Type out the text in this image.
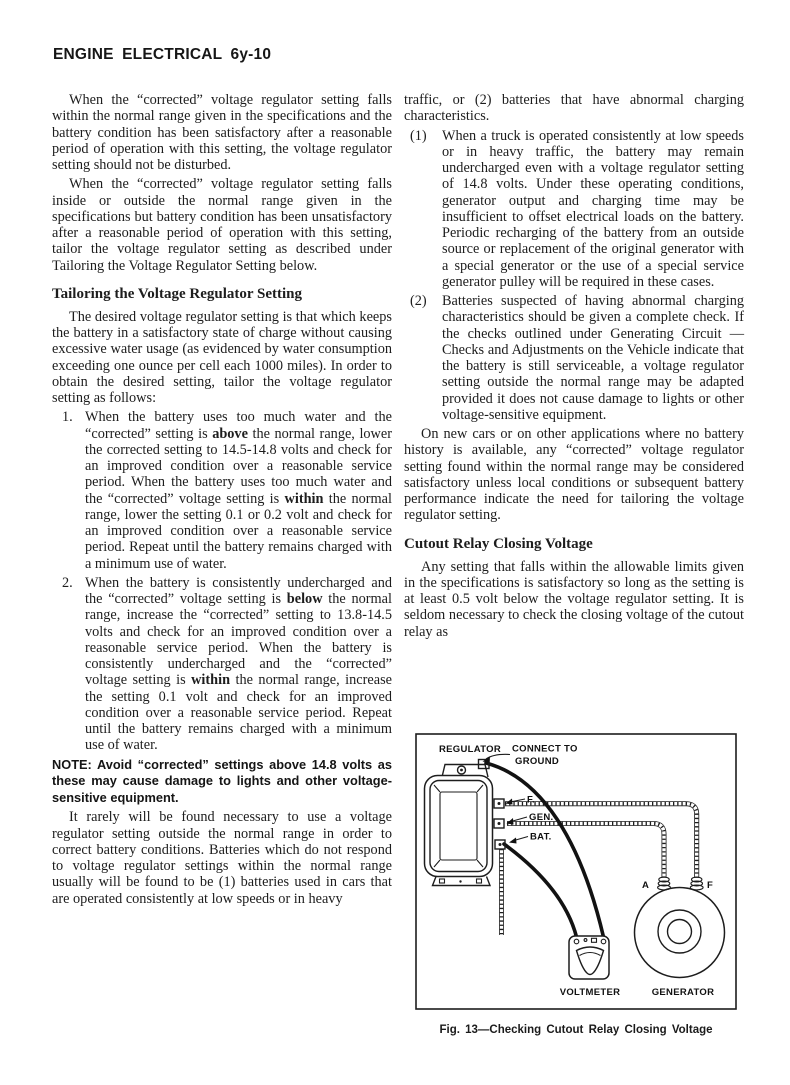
ENGINE ELECTRICAL 6y-10

When the “corrected” voltage regulator setting falls within the normal range given in the specifications and the battery condition has been satisfactory after a reasonable period of operation with this setting, the voltage regulator setting should not be disturbed.

When the “corrected” voltage regulator setting falls inside or outside the normal range given in the specifications but battery condition has been unsatisfactory after a reasonable period of operation with this setting, tailor the voltage regulator setting as described under Tailoring the Voltage Regulator Setting below.

Tailoring the Voltage Regulator Setting

The desired voltage regulator setting is that which keeps the battery in a satisfactory state of charge without causing excessive water usage (as evidenced by water consumption exceeding one ounce per cell each 1000 miles). In order to obtain the desired setting, tailor the voltage regulator setting as follows:

1. When the battery uses too much water and the “corrected” setting is above the normal range, lower the corrected setting to 14.5-14.8 volts and check for an improved condition over a reasonable service period. When the battery uses too much water and the “corrected” voltage setting is within the normal range, lower the setting 0.1 or 0.2 volt and check for an improved condition over a reasonable service period. Repeat until the battery remains charged with a minimum use of water.
2. When the battery is consistently undercharged and the “corrected” voltage setting is below the normal range, increase the “corrected” setting to 13.8-14.5 volts and check for an improved condition over a reasonable service period. When the battery is consistently undercharged and the “corrected” voltage setting is within the normal range, increase the setting 0.1 volt and check for an improved condition over a reasonable service period. Repeat until the battery remains charged with a minimum use of water.

NOTE: Avoid “corrected” settings above 14.8 volts as these may cause damage to lights and other voltage-sensitive equipment.

It rarely will be found necessary to use a voltage regulator setting outside the normal range in order to correct battery conditions. Batteries which do not respond to voltage regulator settings within the normal range usually will be found to be (1) batteries used in cars that are operated consistently at low speeds or in heavy

traffic, or (2) batteries that have abnormal charging characteristics.

(1) When a truck is operated consistently at low speeds or in heavy traffic, the battery may remain undercharged even with a voltage regulator setting of 14.8 volts. Under these operating conditions, generator output and charging time may be insufficient to offset electrical loads on the battery. Periodic recharging of the battery from an outside source or replacement of the original generator with a special generator or the use of a special service generator pulley will be required in these cases.
(2) Batteries suspected of having abnormal charging characteristics should be given a complete check. If the checks outlined under Generating Circuit — Checks and Adjustments on the Vehicle indicate that the battery is still serviceable, a voltage regulator setting outside the normal range may be adapted provided it does not cause damage to lights or other voltage-sensitive equipment.

On new cars or on other applications where no battery history is available, any “corrected” voltage regulator setting found within the normal range may be considered satisfactory unless local conditions or subsequent battery performance indicate the need for tailoring the voltage regulator setting.

Cutout Relay Closing Voltage

Any setting that falls within the allowable limits given in the specifications is satisfactory so long as the setting is at least 0.5 volt below the voltage regulator setting. It is seldom necessary to check the closing voltage of the cutout relay as

A	F
REGULATOR CONNECT TO
GROUND
F.
GEN.
BAT.
VOLTMETER	GENERATOR
Fig. 13—Checking Cutout Relay Closing Voltage
